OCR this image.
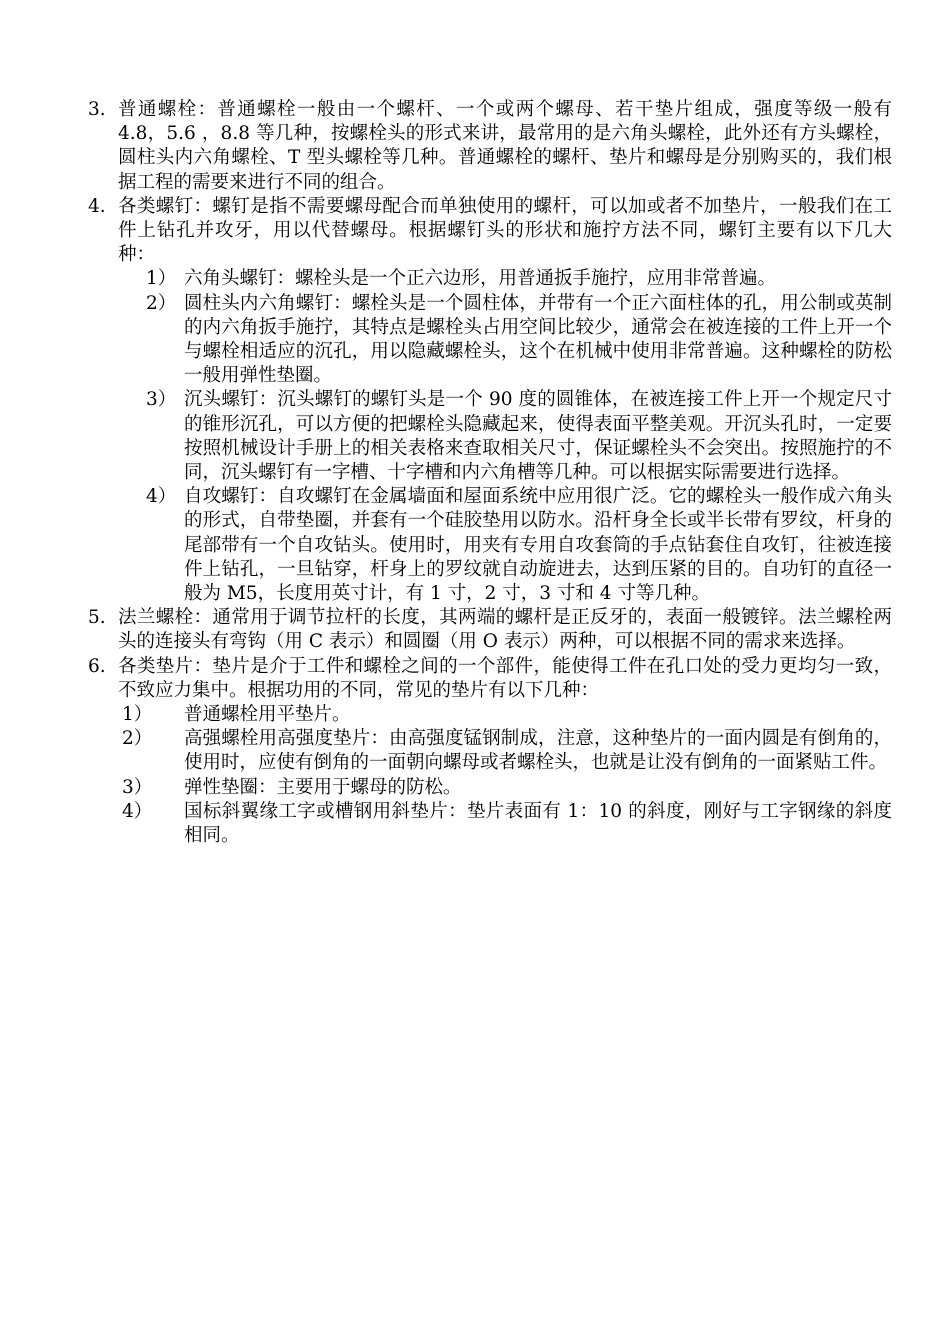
3. 普通螺栓：普通螺栓一般由一个螺杆、一个或两个螺母、若干垫片组成，强度等级一般有 4.8，5.6 ，8.8 等几种，按螺栓头的形式来讲，最常用的是六角头螺栓，此外还有方头螺栓，圆柱头内六角螺栓、T 型头螺栓等几种。普通螺栓的螺杆、垫片和螺母是分别购买的，我们根据工程的需要来进行不同的组合。
4. 各类螺钉：螺钉是指不需要螺母配合而单独使用的螺杆，可以加或者不加垫片，一般我们在工件上钻孔并攻牙，用以代替螺母。根据螺钉头的形状和施拧方法不同，螺钉主要有以下几大种：
1） 六角头螺钉：螺栓头是一个正六边形，用普通扳手施拧，应用非常普遍。
2） 圆柱头内六角螺钉：螺栓头是一个圆柱体，并带有一个正六面柱体的孔，用公制或英制的内六角扳手施拧，其特点是螺栓头占用空间比较少，通常会在被连接的工件上开一个与螺栓相适应的沉孔，用以隐藏螺栓头，这个在机械中使用非常普遍。这种螺栓的防松一般用弹性垫圈。
3） 沉头螺钉：沉头螺钉的螺钉头是一个 90 度的圆锥体，在被连接工件上开一个规定尺寸的锥形沉孔，可以方便的把螺栓头隐藏起来，使得表面平整美观。开沉头孔时，一定要按照机械设计手册上的相关表格来查取相关尺寸，保证螺栓头不会突出。按照施拧的不同，沉头螺钉有一字槽、十字槽和内六角槽等几种。可以根据实际需要进行选择。
4） 自攻螺钉：自攻螺钉在金属墙面和屋面系统中应用很广泛。它的螺栓头一般作成六角头的形式，自带垫圈，并套有一个硅胶垫用以防水。沿杆身全长或半长带有罗纹，杆身的尾部带有一个自攻钻头。使用时，用夹有专用自攻套筒的手点钻套住自攻钉，往被连接件上钻孔，一旦钻穿，杆身上的罗纹就自动旋进去，达到压紧的目的。自功钉的直径一般为 M5，长度用英寸计，有 1 寸，2 寸，3 寸和 4 寸等几种。
5. 法兰螺栓：通常用于调节拉杆的长度，其两端的螺杆是正反牙的，表面一般镀锌。法兰螺栓两头的连接头有弯钩（用 C 表示）和圆圈（用 O 表示）两种，可以根据不同的需求来选择。
6. 各类垫片：垫片是介于工件和螺栓之间的一个部件，能使得工件在孔口处的受力更均匀一致，不致应力集中。根据功用的不同，常见的垫片有以下几种：
1）	普通螺栓用平垫片。
2）	高强螺栓用高强度垫片：由高强度锰钢制成，注意，这种垫片的一面内圆是有倒角的，使用时，应使有倒角的一面朝向螺母或者螺栓头，也就是让没有倒角的一面紧贴工件。
3）	弹性垫圈：主要用于螺母的防松。
4）	国标斜翼缘工字或槽钢用斜垫片：垫片表面有 1：10 的斜度，刚好与工字钢缘的斜度相同。
